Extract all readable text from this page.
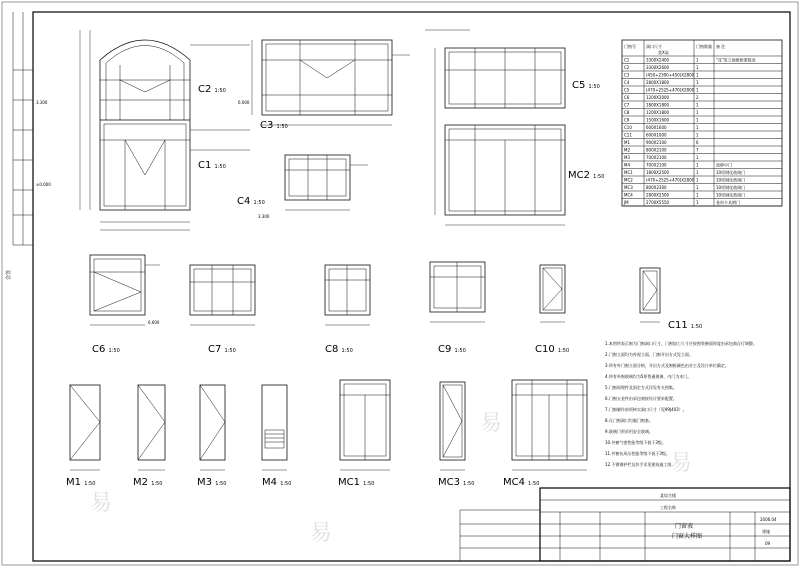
会签
C2 1:50
C1 1:50
3.300
±0.000
C3 1:50
6.000
C4 1:50
3.300
C5 1:50
MC2 1:50
门窗号	洞口尺寸	门窗数量 备 注
宽X高
C1	3300X2400	1	"花"见立面窗框参数表
C2	3300X2600	1
C3	(450+2300+450)X2800 1
C4	2800X1800	1
C5	(470+2525+470)X2800 1
C6	1200X2000	2
C7	1800X1800	1
C8	1200X1800	1
C9	1500X1600	1
C10	600X1600	1
C11	600X1000	1
M1	900X2100	6
M2	800X2100	7
M3	700X2100	1
M4	700X2100	1	放修中门
MC1	1800X2500	1	10厚钢化玻璃门
MC2	(470+2525+470)X2800 1	10厚钢化玻璃门
MC3	800X2300	1	10厚钢化玻璃门
MC4	2800X2500	1	10厚钢化玻璃门
JM	2700X5550	1	卷帘卡具钢门
C6 1:50	C7 1:50
6.600
C8 1:50	C9 1:50	C10 1:50
C11 1:50
M1 1:50	M2 1:50	M3 1:50	M4 1:50	MC1 1:50	MC3 1:50	MC4 1:50
1.本图所表示窗为门窗洞口尺寸，门窗加工尺寸应按照装修面厚度由承包商自行调整。
2.门窗立面均为外视立面，门窗开启方式见立面。
3.所有外门窗立面分格、开启方式及窗框颜色由业主及设计单位确定。
4.所有外窗玻璃均为5厚普通玻璃，内门为木门。
5.门窗预埋件及固定方式详见有关图集。
6.门窗五金件由承包商按设计要求配置。
7.门窗制作前须核实洞口尺寸（见99J403）。
8.凡门窗洞口均做门窗套。
9.玻璃门须采用安全玻璃。
10.外窗气密性能等级不低于3级。
11.外窗抗风压性能等级不低于3级。
12.不锈钢护栏及扶手详见建筑施工图。
某综合楼
工程名称
门窗表
门窗大样图
2006.04
建施
09
易
易
易
易
